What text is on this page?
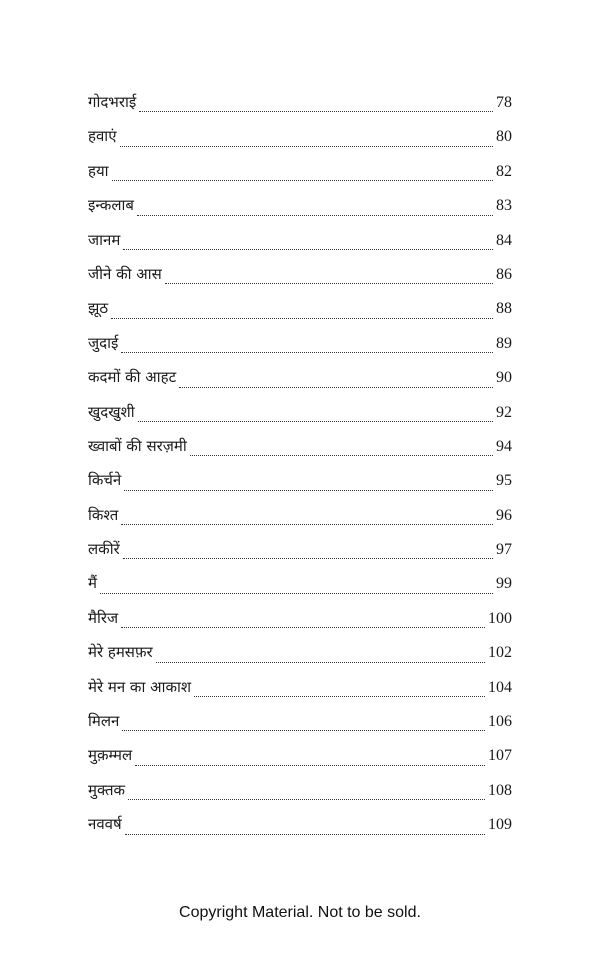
गोदभराई	78
हवाएं	80
हया	82
इन्कलाब	83
जानम	84
जीने की आस	86
झूठ	88
जुदाई	89
कदमों की आहट	90
खुदखुशी	92
ख्वाबों की सरज़मी	94
किर्चने	95
किश्त	96
लकीरें	97
मैं	99
मैरिज	100
मेरे हमसफ़र	102
मेरे मन का आकाश	104
मिलन	106
मुक़म्मल	107
मुक्तक	108
नववर्ष	109
Copyright Material. Not to be sold.
